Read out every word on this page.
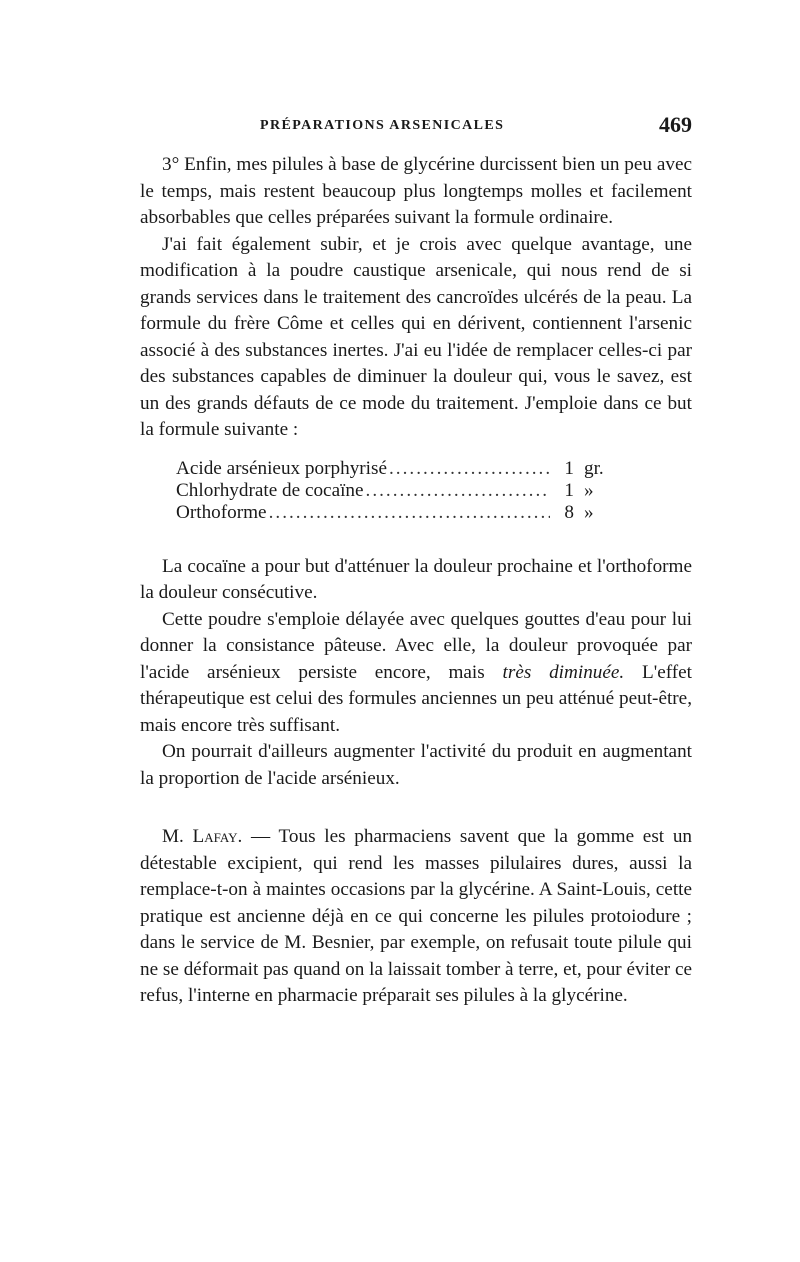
PRÉPARATIONS ARSENICALES	469

3° Enfin, mes pilules à base de glycérine durcissent bien un peu avec le temps, mais restent beaucoup plus longtemps molles et facilement absorbables que celles préparées suivant la formule ordinaire.

J'ai fait également subir, et je crois avec quelque avantage, une modification à la poudre caustique arsenicale, qui nous rend de si grands services dans le traitement des cancroïdes ulcérés de la peau. La formule du frère Côme et celles qui en dérivent, contiennent l'arsenic associé à des substances inertes. J'ai eu l'idée de remplacer celles-ci par des substances capables de diminuer la douleur qui, vous le savez, est un des grands défauts de ce mode du traitement. J'emploie dans ce but la formule suivante :

Acide arsénieux porphyrisé .....	1 gr.
Chlorhydrate de cocaïne .....	1 »
Orthoforme .....	8 »

La cocaïne a pour but d'atténuer la douleur prochaine et l'orthoforme la douleur consécutive.

Cette poudre s'emploie délayée avec quelques gouttes d'eau pour lui donner la consistance pâteuse. Avec elle, la douleur provoquée par l'acide arsénieux persiste encore, mais très diminuée. L'effet thérapeutique est celui des formules anciennes un peu atténué peut-être, mais encore très suffisant.

On pourrait d'ailleurs augmenter l'activité du produit en augmentant la proportion de l'acide arsénieux.

M. Lafay. — Tous les pharmaciens savent que la gomme est un détestable excipient, qui rend les masses pilulaires dures, aussi la remplace-t-on à maintes occasions par la glycérine. A Saint-Louis, cette pratique est ancienne déjà en ce qui concerne les pilules protoiodure ; dans le service de M. Besnier, par exemple, on refusait toute pilule qui ne se déformait pas quand on la laissait tomber à terre, et, pour éviter ce refus, l'interne en pharmacie préparait ses pilules à la glycérine.
